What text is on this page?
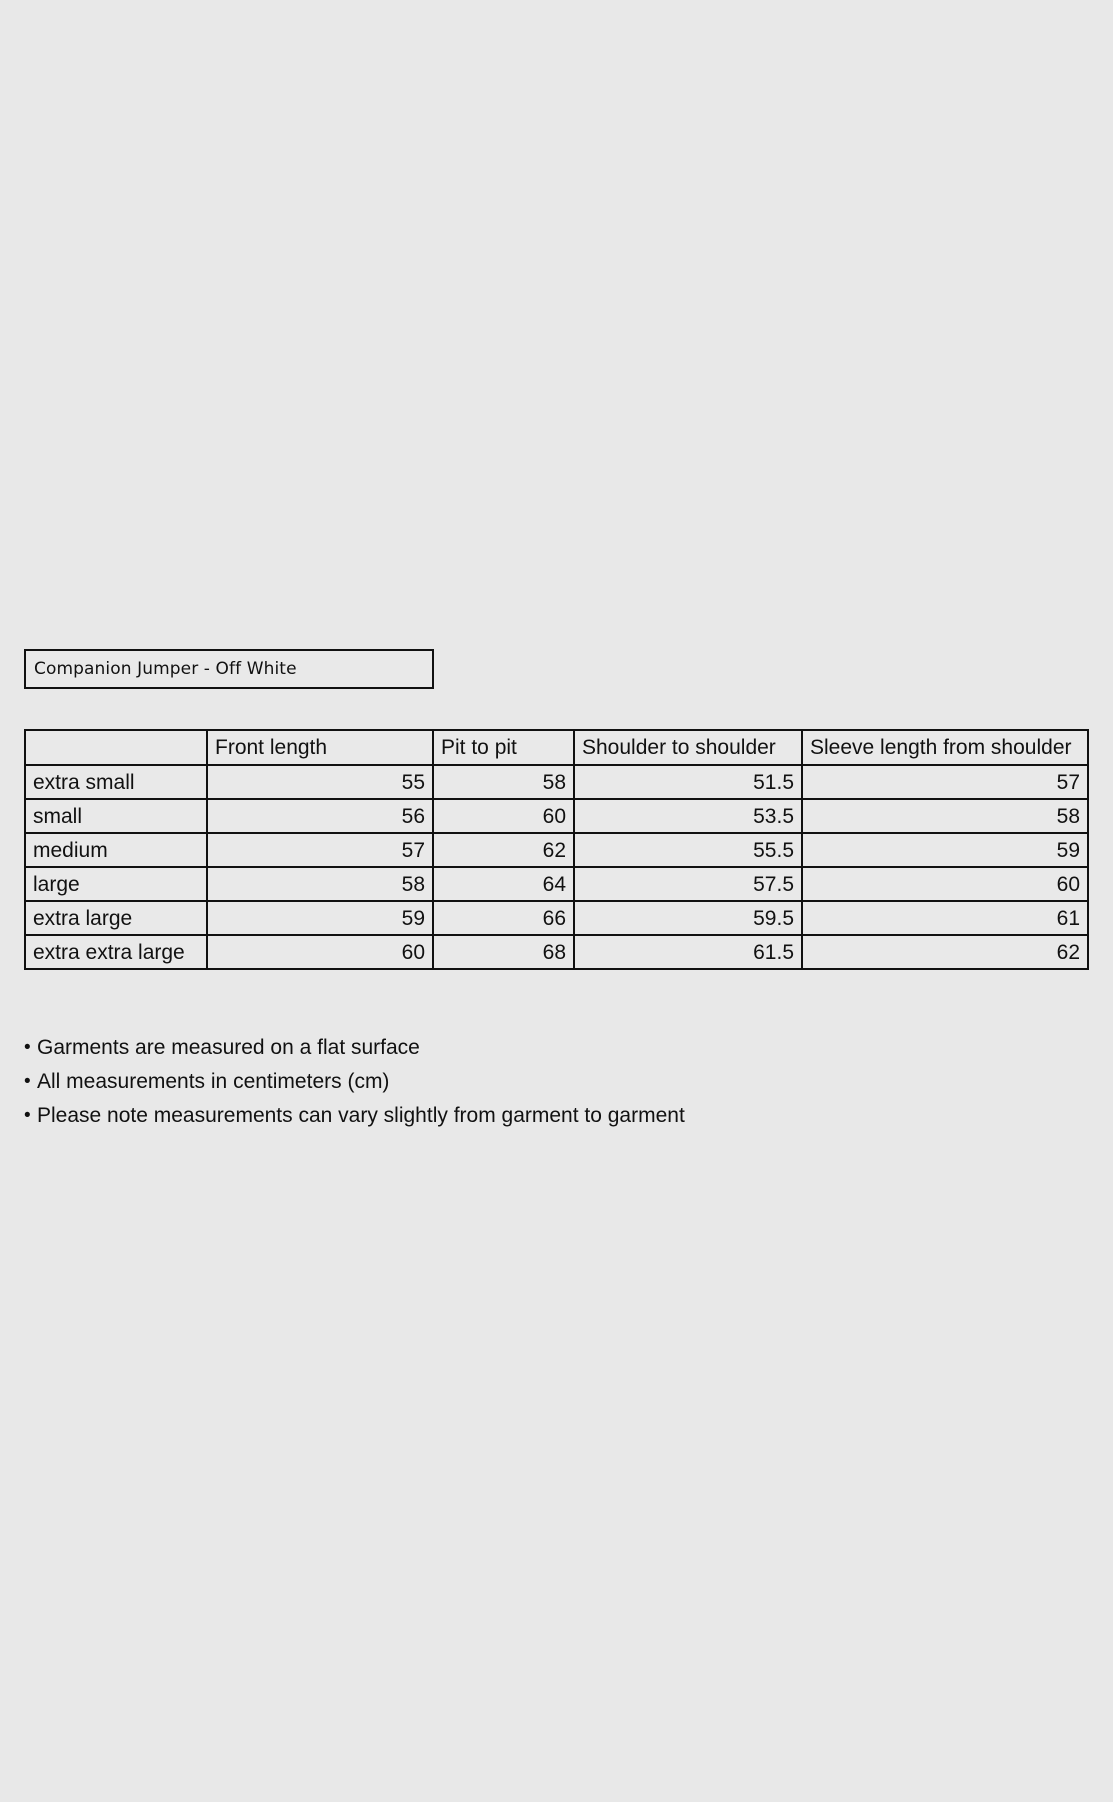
Companion Jumper - Off White
	Front length	Pit to pit	Shoulder to shoulder	Sleeve length from shoulder
extra small	55	58	51.5	57
small	56	60	53.5	58
medium	57	62	55.5	59
large	58	64	57.5	60
extra large	59	66	59.5	61
extra extra large	60	68	61.5	62
• Garments are measured on a flat surface
• All measurements in centimeters (cm)
• Please note measurements can vary slightly from garment to garment
